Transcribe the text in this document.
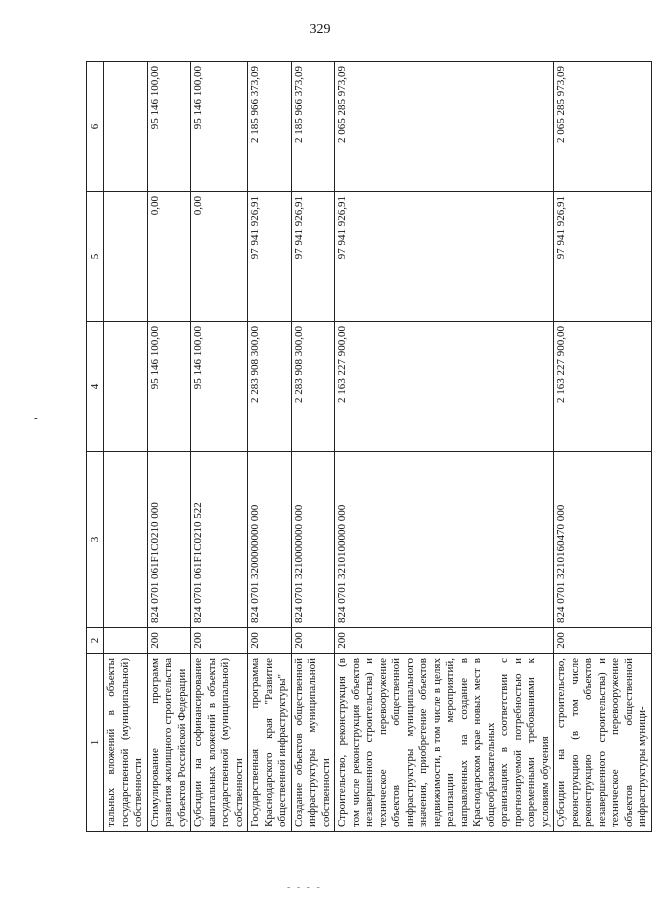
329
-
1	2	3	4	5	6
тальных вложений в объекты государственной (муниципальной) собственности					
Стимулирование программ развития жилищного строительства субъектов Российской Федерации	200	824 0701 061F1C0210 000	95 146 100,00	0,00	95 146 100,00
Субсидии на софинансирование капитальных вложений в объекты государственной (муниципальной) собственности	200	824 0701 061F1C0210 522	95 146 100,00	0,00	95 146 100,00
Государственная программа Краснодарского края "Развитие общественной инфраструктуры"	200	824 0701 3200000000 000	2 283 908 300,00	97 941 926,91	2 185 966 373,09
Создание объектов общественной инфраструктуры муниципальной собственности	200	824 0701 3210000000 000	2 283 908 300,00	97 941 926,91	2 185 966 373,09
Строительство, реконструкция (в том числе реконструкция объектов незавершенного строительства) и техническое перевооружение объектов общественной инфраструктуры муниципального значения, приобретение объектов недвижимости, в том числе в целях реализации мероприятий, направленных на создание в Краснодарском крае новых мест в общеобразовательных организациях в соответствии с прогнозируемой потребностью и современными требованиями к условиям обучения	200	824 0701 3210100000 000	2 163 227 900,00	97 941 926,91	2 065 285 973,09
Субсидии на строительство, реконструкцию (в том числе реконструкцию объектов незавершенного строительства) и техническое перевооружение объектов общественной инфраструктуры муници-	200	824 0701 3210160470 000	2 163 227 900,00	97 941 926,91	2 065 285 973,09
- - - -
